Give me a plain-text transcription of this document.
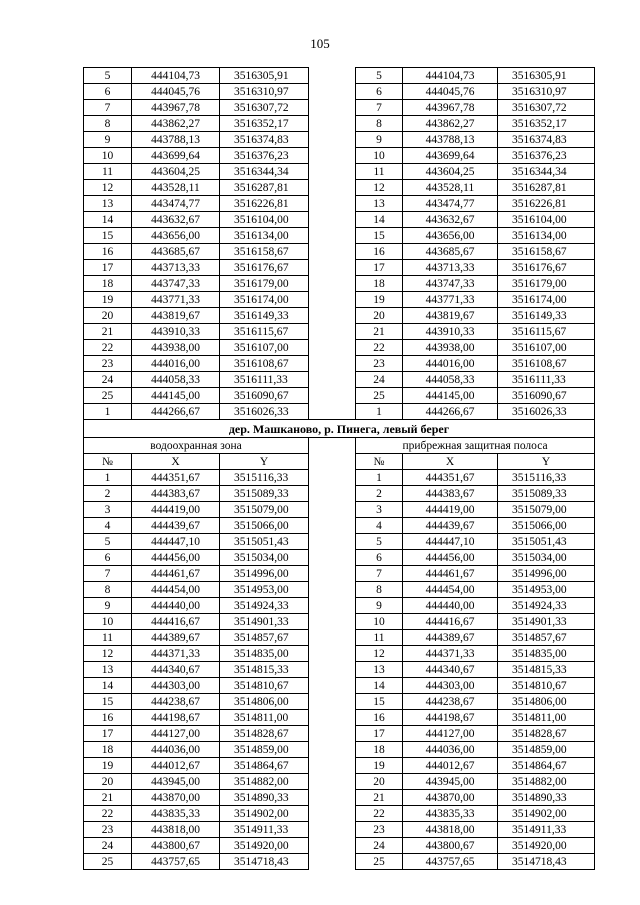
105
5	444104,73	3516305,91		5	444104,73	3516305,91
6	444045,76	3516310,97		6	444045,76	3516310,97
7	443967,78	3516307,72		7	443967,78	3516307,72
8	443862,27	3516352,17		8	443862,27	3516352,17
9	443788,13	3516374,83		9	443788,13	3516374,83
10	443699,64	3516376,23		10	443699,64	3516376,23
11	443604,25	3516344,34		11	443604,25	3516344,34
12	443528,11	3516287,81		12	443528,11	3516287,81
13	443474,77	3516226,81		13	443474,77	3516226,81
14	443632,67	3516104,00		14	443632,67	3516104,00
15	443656,00	3516134,00		15	443656,00	3516134,00
16	443685,67	3516158,67		16	443685,67	3516158,67
17	443713,33	3516176,67		17	443713,33	3516176,67
18	443747,33	3516179,00		18	443747,33	3516179,00
19	443771,33	3516174,00		19	443771,33	3516174,00
20	443819,67	3516149,33		20	443819,67	3516149,33
21	443910,33	3516115,67		21	443910,33	3516115,67
22	443938,00	3516107,00		22	443938,00	3516107,00
23	444016,00	3516108,67		23	444016,00	3516108,67
24	444058,33	3516111,33		24	444058,33	3516111,33
25	444145,00	3516090,67		25	444145,00	3516090,67
1	444266,67	3516026,33		1	444266,67	3516026,33
дер. Машканово, р. Пинега, левый берег						
водоохранная зона				прибрежная защитная полоса		
№	X	Y		№	X	Y
1	444351,67	3515116,33		1	444351,67	3515116,33
2	444383,67	3515089,33		2	444383,67	3515089,33
3	444419,00	3515079,00		3	444419,00	3515079,00
4	444439,67	3515066,00		4	444439,67	3515066,00
5	444447,10	3515051,43		5	444447,10	3515051,43
6	444456,00	3515034,00		6	444456,00	3515034,00
7	444461,67	3514996,00		7	444461,67	3514996,00
8	444454,00	3514953,00		8	444454,00	3514953,00
9	444440,00	3514924,33		9	444440,00	3514924,33
10	444416,67	3514901,33		10	444416,67	3514901,33
11	444389,67	3514857,67		11	444389,67	3514857,67
12	444371,33	3514835,00		12	444371,33	3514835,00
13	444340,67	3514815,33		13	444340,67	3514815,33
14	444303,00	3514810,67		14	444303,00	3514810,67
15	444238,67	3514806,00		15	444238,67	3514806,00
16	444198,67	3514811,00		16	444198,67	3514811,00
17	444127,00	3514828,67		17	444127,00	3514828,67
18	444036,00	3514859,00		18	444036,00	3514859,00
19	444012,67	3514864,67		19	444012,67	3514864,67
20	443945,00	3514882,00		20	443945,00	3514882,00
21	443870,00	3514890,33		21	443870,00	3514890,33
22	443835,33	3514902,00		22	443835,33	3514902,00
23	443818,00	3514911,33		23	443818,00	3514911,33
24	443800,67	3514920,00		24	443800,67	3514920,00
25	443757,65	3514718,43		25	443757,65	3514718,43
